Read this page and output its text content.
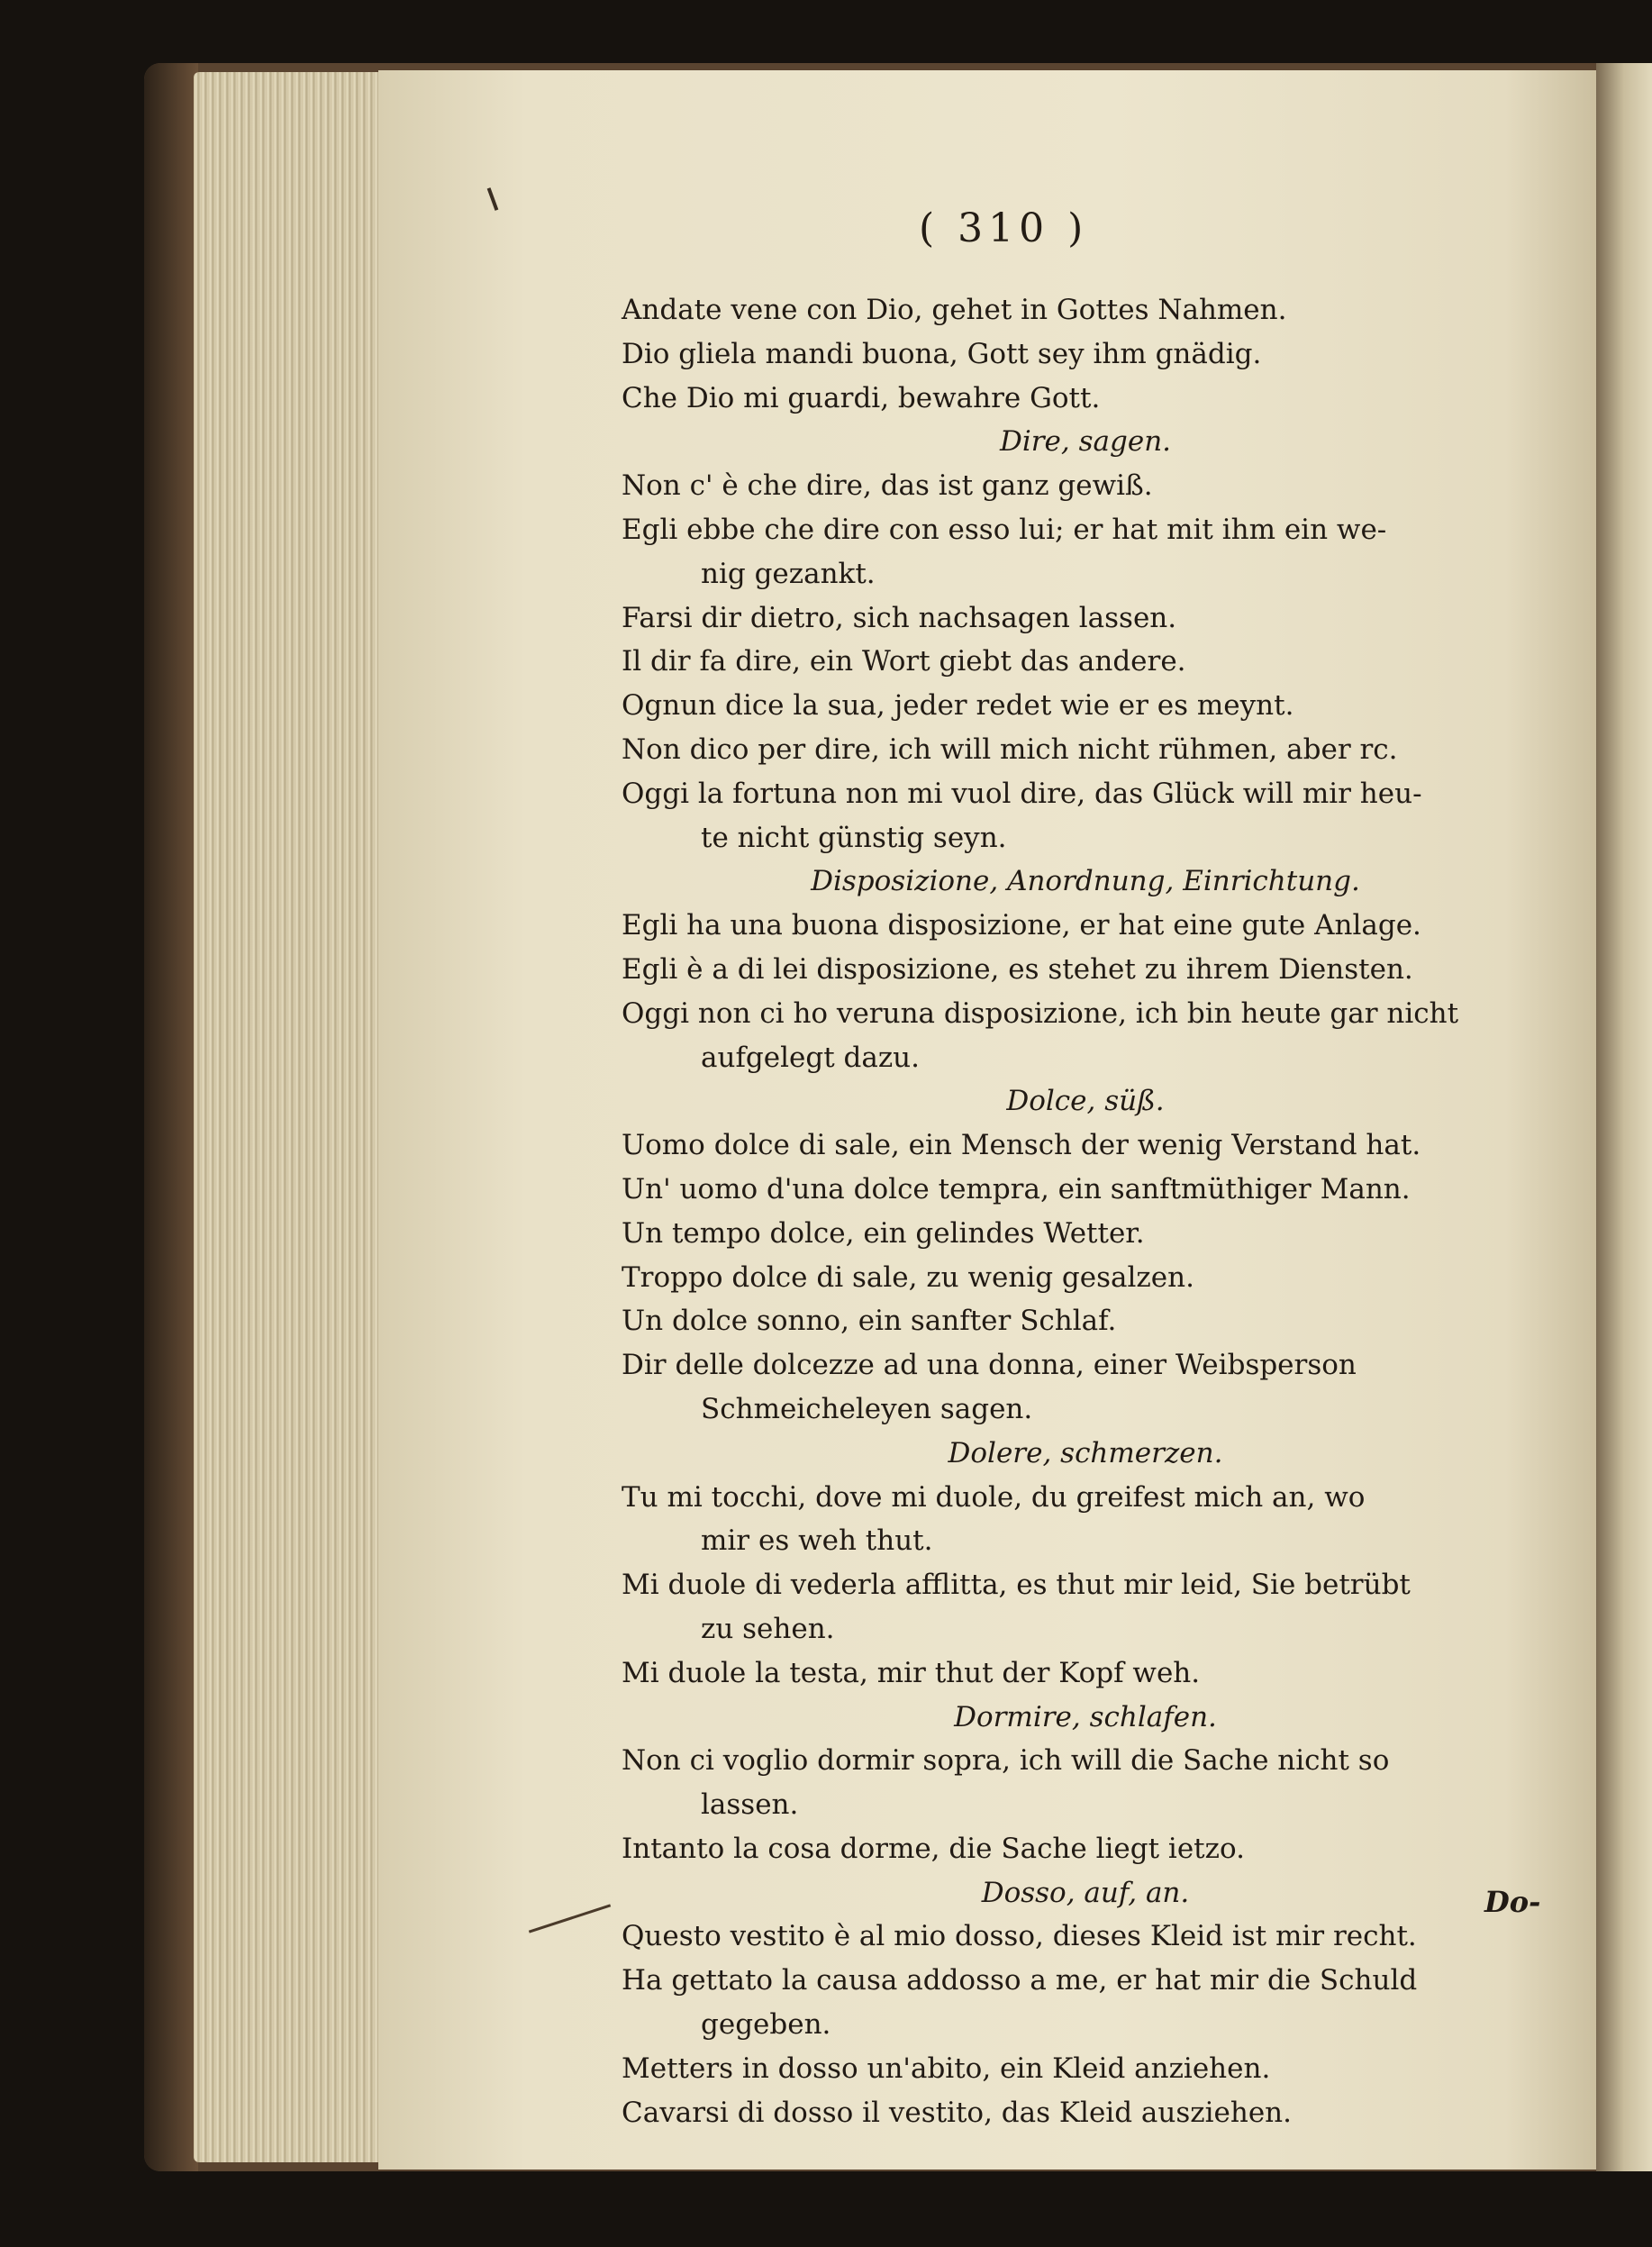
( 310 )
Andate vene con Dio, gehet in Gottes Nahmen.
Dio gliela mandi buona, Gott sey ihm gnädig.
Che Dio mi guardi, bewahre Gott.
Dire, sagen.
Non c' è che dire, das ist ganz gewiß.
Egli ebbe che dire con esso lui; er hat mit ihm ein we-
nig gezankt.
Farsi dir dietro, sich nachsagen lassen.
Il dir fa dire, ein Wort giebt das andere.
Ognun dice la sua, jeder redet wie er es meynt.
Non dico per dire, ich will mich nicht rühmen, aber rc.
Oggi la fortuna non mi vuol dire, das Glück will mir heu-
te nicht günstig seyn.
Disposizione, Anordnung, Einrichtung.
Egli ha una buona disposizione, er hat eine gute Anlage.
Egli è a di lei disposizione, es stehet zu ihrem Diensten.
Oggi non ci ho veruna disposizione, ich bin heute gar nicht
aufgelegt dazu.
Dolce, süß.
Uomo dolce di sale, ein Mensch der wenig Verstand hat.
Un' uomo d'una dolce tempra, ein sanftmüthiger Mann.
Un tempo dolce, ein gelindes Wetter.
Troppo dolce di sale, zu wenig gesalzen.
Un dolce sonno, ein sanfter Schlaf.
Dir delle dolcezze ad una donna, einer Weibsperson
Schmeicheleyen sagen.
Dolere, schmerzen.
Tu mi tocchi, dove mi duole, du greifest mich an, wo
mir es weh thut.
Mi duole di vederla afflitta, es thut mir leid, Sie betrübt
zu sehen.
Mi duole la testa, mir thut der Kopf weh.
Dormire, schlafen.
Non ci voglio dormir sopra, ich will die Sache nicht so
lassen.
Intanto la cosa dorme, die Sache liegt ietzo.
Dosso, auf, an.
Questo vestito è al mio dosso, dieses Kleid ist mir recht.
Ha gettato la causa addosso a me, er hat mir die Schuld
gegeben.
Metters in dosso un'abito, ein Kleid anziehen.
Cavarsi di dosso il vestito, das Kleid ausziehen.
Do-
